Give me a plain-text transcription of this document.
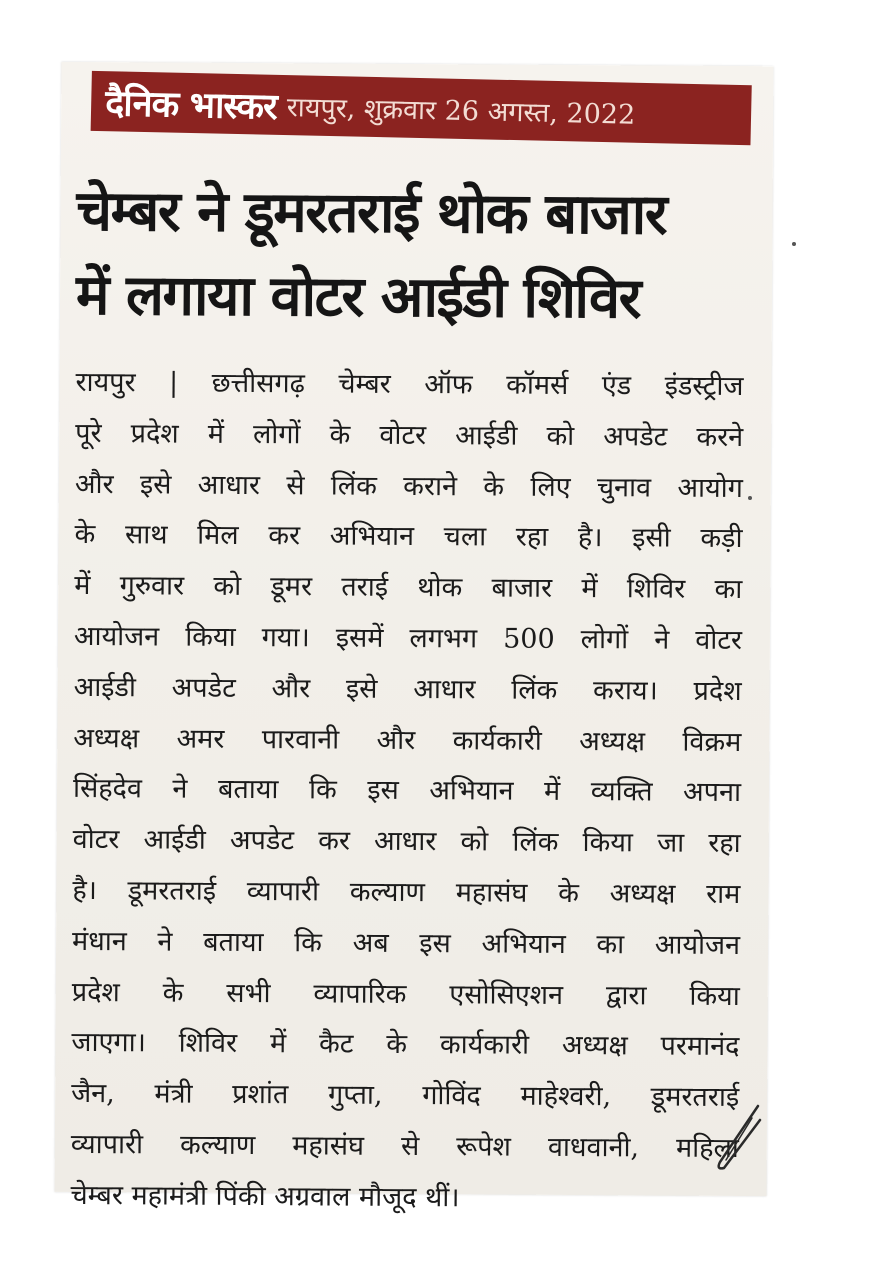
दैनिक भास्कर रायपुर, शुक्रवार 26 अगस्त, 2022
चेम्बर ने डूमरतराई थोक बाजार
में लगाया वोटर आईडी शिविर
रायपुर | छत्तीसगढ़ चेम्बर ऑफ कॉमर्स एंड इंडस्ट्रीज
पूरे प्रदेश में लोगों के वोटर आईडी को अपडेट करने
और इसे आधार से लिंक कराने के लिए चुनाव आयोग
के साथ मिल कर अभियान चला रहा है। इसी कड़ी
में गुरुवार को डूमर तराई थोक बाजार में शिविर का
आयोजन किया गया। इसमें लगभग 500 लोगों ने वोटर
आईडी अपडेट और इसे आधार लिंक कराय। प्रदेश
अध्यक्ष अमर पारवानी और कार्यकारी अध्यक्ष विक्रम
सिंहदेव ने बताया कि इस अभियान में व्यक्ति अपना
वोटर आईडी अपडेट कर आधार को लिंक किया जा रहा
है। डूमरतराई व्यापारी कल्याण महासंघ के अध्यक्ष राम
मंधान ने बताया कि अब इस अभियान का आयोजन
प्रदेश के सभी व्यापारिक एसोसिएशन द्वारा किया
जाएगा। शिविर में कैट के कार्यकारी अध्यक्ष परमानंद
जैन, मंत्री प्रशांत गुप्ता, गोविंद माहेश्वरी, डूमरतराई
व्यापारी कल्याण महासंघ से रूपेश वाधवानी, महिला
चेम्बर महामंत्री पिंकी अग्रवाल मौजूद थीं।
